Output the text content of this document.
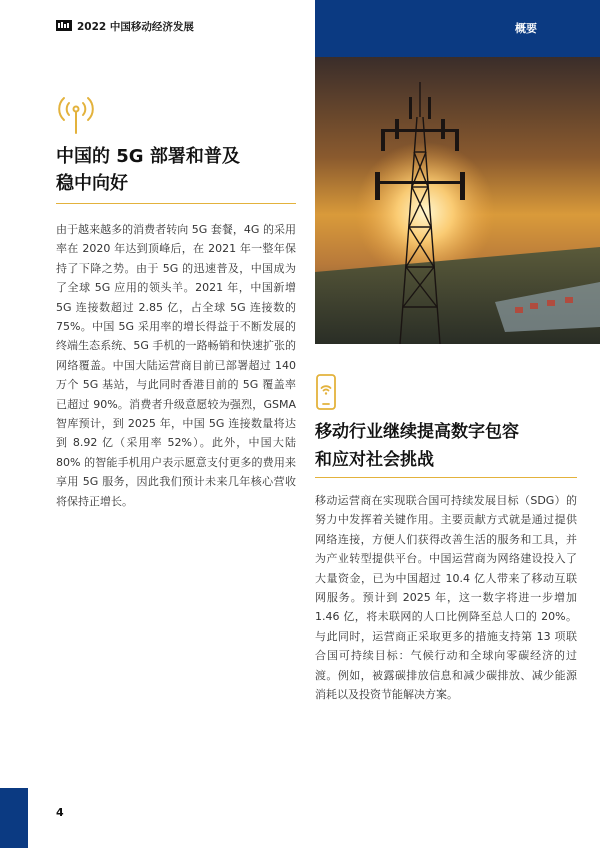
2022 中国移动经济发展	概要
中国的 5G 部署和普及
稳中向好
由于越来越多的消费者转向 5G 套餐，4G 的采用率在 2020 年达到顶峰后，在 2021 年一整年保持了下降之势。由于 5G 的迅速普及，中国成为了全球 5G 应用的领头羊。2021 年，中国新增 5G 连接数超过 2.85 亿，占全球 5G 连接数的 75%。中国 5G 采用率的增长得益于不断发展的终端生态系统、5G 手机的一路畅销和快速扩张的网络覆盖。中国大陆运营商目前已部署超过 140 万个 5G 基站，与此同时香港目前的 5G 覆盖率已超过 90%。消费者升级意愿较为强烈，GSMA 智库预计，到 2025 年，中国 5G 连接数量将达到 8.92 亿（采用率 52%）。此外，中国大陆 80% 的智能手机用户表示愿意支付更多的费用来享用 5G 服务，因此我们预计未来几年核心营收将保持正增长。
移动行业继续提高数字包容
和应对社会挑战
移动运营商在实现联合国可持续发展目标（SDG）的努力中发挥着关键作用。主要贡献方式就是通过提供网络连接，方便人们获得改善生活的服务和工具，并为产业转型提供平台。中国运营商为网络建设投入了大量资金，已为中国超过 10.4 亿人带来了移动互联网服务。预计到 2025 年，这一数字将进一步增加 1.46 亿，将未联网的人口比例降至总人口的 20%。与此同时，运营商正采取更多的措施支持第 13 项联合国可持续目标：气候行动和全球向零碳经济的过渡。例如，被露碳排放信息和减少碳排放、减少能源消耗以及投资节能解决方案。
4
